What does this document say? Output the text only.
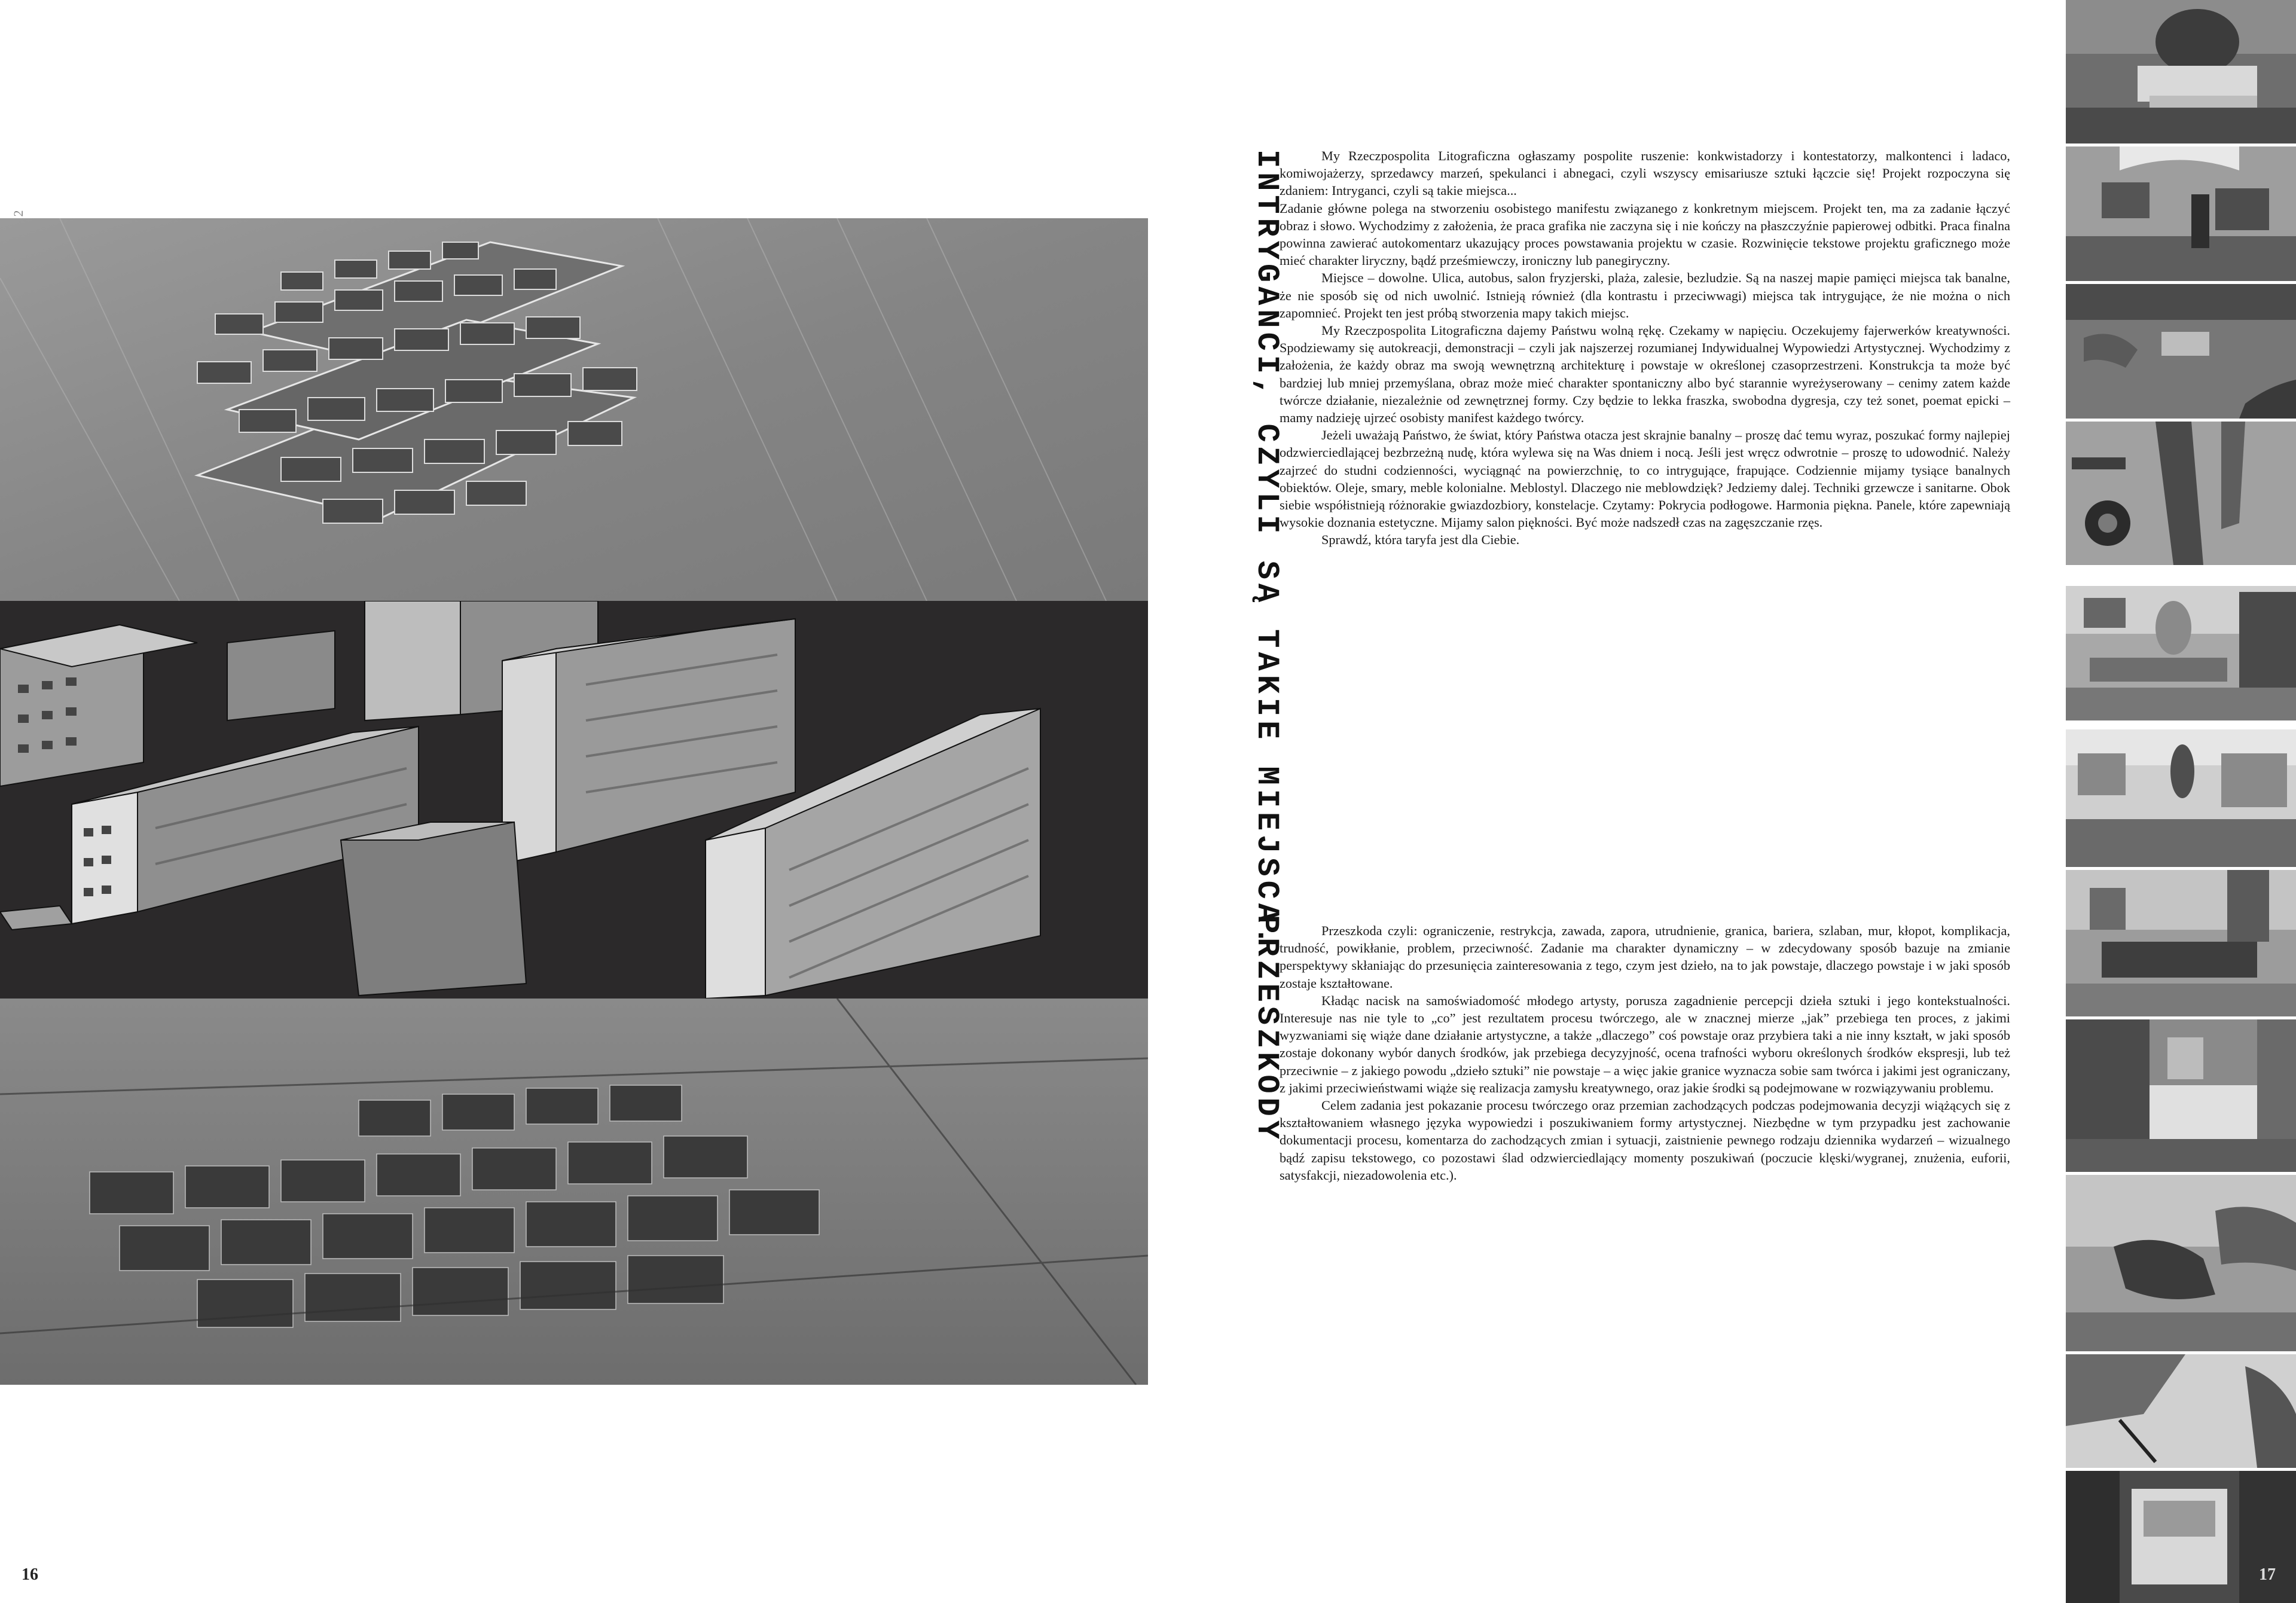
16
INTRYGANCI, CZYLI SĄ TAKIE MIEJSCA.	My Rzeczpospolita Litograficzna ogłaszamy pospolite ruszenie: konkwistadorzy i kontestatorzy, malkontenci i ladaco, komiwojażerzy, sprzedawcy marzeń, spekulanci i abnegaci, czyli wszyscy emisariusze sztuki łączcie się! Projekt rozpoczyna się zdaniem: Intryganci, czyli są takie miejsca...

Zadanie główne polega na stworzeniu osobistego manifestu związanego z konkretnym miejscem. Projekt ten, ma za zadanie łączyć obraz i słowo. Wychodzimy z założenia, że praca grafika nie zaczyna się i nie kończy na płaszczyźnie papierowej odbitki. Praca finalna powinna zawierać autokomentarz ukazujący proces powstawania projektu w czasie. Rozwinięcie tekstowe projektu graficznego może mieć charakter liryczny, bądź prześmiewczy, ironiczny lub panegiryczny.

Miejsce – dowolne. Ulica, autobus, salon fryzjerski, plaża, zalesie, bezludzie. Są na naszej mapie pamięci miejsca tak banalne, że nie sposób się od nich uwolnić. Istnieją również (dla kontrastu i przeciwwagi) miejsca tak intrygujące, że nie można o nich zapomnieć. Projekt ten jest próbą stworzenia mapy takich miejsc.

My Rzeczpospolita Litograficzna dajemy Państwu wolną rękę. Czekamy w napięciu. Oczekujemy fajerwerków kreatywności. Spodziewamy się autokreacji, demonstracji – czyli jak najszerzej rozumianej Indywidualnej Wypowiedzi Artystycznej. Wychodzimy z założenia, że każdy obraz ma swoją wewnętrzną architekturę i powstaje w określonej czasoprzestrzeni. Konstrukcja ta może być bardziej lub mniej przemyślana, obraz może mieć charakter spontaniczny albo być starannie wyreżyserowany – cenimy zatem każde twórcze działanie, niezależnie od zewnętrznej formy. Czy będzie to lekka fraszka, swobodna dygresja, czy też sonet, poemat epicki – mamy nadzieję ujrzeć osobisty manifest każdego twórcy.

Jeżeli uważają Państwo, że świat, który Państwa otacza jest skrajnie banalny – proszę dać temu wyraz, poszukać formy najlepiej odzwierciedlającej bezbrzeżną nudę, która wylewa się na Was dniem i nocą. Jeśli jest wręcz odwrotnie – proszę to udowodnić. Należy zajrzeć do studni codzienności, wyciągnąć na powierzchnię, to co intrygujące, frapujące. Codziennie mijamy tysiące banalnych obiektów. Oleje, smary, meble kolonialne. Meblostyl. Dlaczego nie meblowdzięk? Jedziemy dalej. Techniki grzewcze i sanitarne. Obok siebie współistnieją różnorakie gwiazdozbiory, konstelacje. Czytamy: Pokrycia podłogowe. Harmonia piękna. Panele, które zapewniają wysokie doznania estetyczne. Mijamy salon piękności. Być może nadszedł czas na zagęszczanie rzęs.

Sprawdź, która taryfa jest dla Ciebie.

PRZESZKODY	Przeszkoda czyli: ograniczenie, restrykcja, zawada, zapora, utrudnienie, granica, bariera, szlaban, mur, kłopot, komplikacja, trudność, powikłanie, problem, przeciwność. Zadanie ma charakter dynamiczny – w zdecydowany sposób bazuje na zmianie perspektywy skłaniając do przesunięcia zainteresowania z tego, czym jest dzieło, na to jak powstaje, dlaczego powstaje i w jaki sposób zostaje kształtowane.

Kładąc nacisk na samoświadomość młodego artysty, porusza zagadnienie percepcji dzieła sztuki i jego kontekstualności. Interesuje nas nie tyle to „co” jest rezultatem procesu twórczego, ale w znacznej mierze „jak” przebiega ten proces, z jakimi wyzwaniami się wiąże dane działanie artystyczne, a także „dlaczego” coś powstaje oraz przybiera taki a nie inny kształt, w jaki sposób zostaje dokonany wybór danych środków, jak przebiega decyzyjność, ocena trafności wyboru określonych środków ekspresji, lub też przeciwnie – z jakiego powodu „dzieło sztuki” nie powstaje – a więc jakie granice wyznacza sobie sam twórca i jakimi jest ograniczany, z jakimi przeciwieństwami wiąże się realizacja zamysłu kreatywnego, oraz jakie środki są podejmowane w rozwiązywaniu problemu.

Celem zadania jest pokazanie procesu twórczego oraz przemian zachodzących podczas podejmowania decyzji wiążących się z kształtowaniem własnego języka wypowiedzi i poszukiwaniem formy artystycznej. Niezbędne w tym przypadku jest zachowanie dokumentacji procesu, komentarza do zachodzących zmian i sytuacji, zaistnienie pewnego rodzaju dziennika wydarzeń – wizualnego bądź zapisu tekstowego, co pozostawi ślad odzwierciedlający momenty poszukiwań (poczucie klęski/wygranej, znużenia, euforii, satysfakcji, niezadowolenia etc.).

17
